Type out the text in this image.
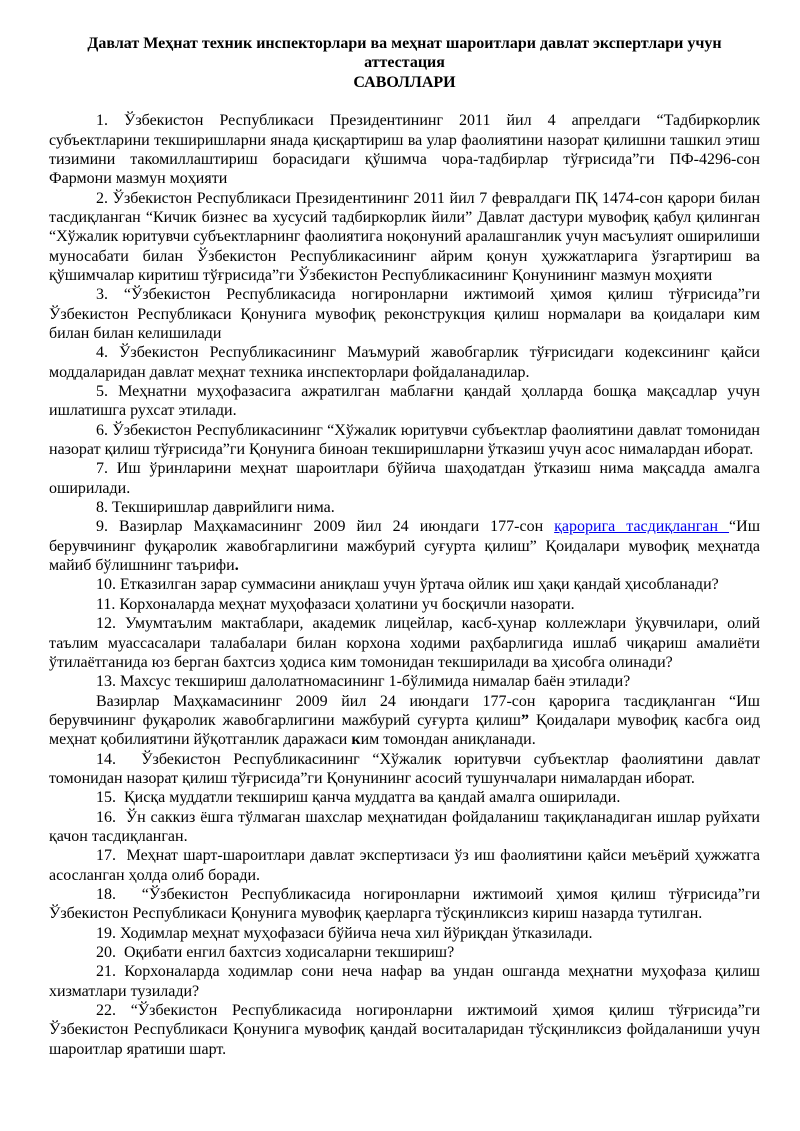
Давлат Меҳнат техник инспекторлари ва меҳнат шароитлари давлат экспертлари учун
аттестация
САВОЛЛАРИ

1. Ўзбекистон Республикаси Президентининг 2011 йил 4 апрелдаги “Тадбиркорлик субъектларини текширишларни янада қисқартириш ва улар фаолиятини назорат қилишни ташкил этиш тизимини такомиллаштириш борасидаги қўшимча чора-тадбирлар тўғрисида”ги ПФ-4296-сон Фармони мазмун моҳияти

2. Ўзбекистон Республикаси Президентининг 2011 йил 7 февралдаги ПҚ 1474-сон қарори билан тасдиқланган “Кичик бизнес ва хусусий тадбиркорлик йили” Давлат дастури мувофиқ қабул қилинган “Хўжалик юритувчи субъектларнинг фаолиятига ноқонуний аралашганлик учун масъулият оширилиши муносабати билан Ўзбекистон Республикасининг айрим қонун ҳужжатларига ўзгартириш ва қўшимчалар киритиш тўғрисида”ги Ўзбекистон Республикасининг Қонунининг мазмун моҳияти

3. “Ўзбекистон Республикасида ногиронларни ижтимоий ҳимоя қилиш тўғрисида”ги Ўзбекистон Республикаси Қонунига мувофиқ реконструкция қилиш нормалари ва қоидалари ким билан билан келишилади

4. Ўзбекистон Республикасининг Маъмурий жавобгарлик тўғрисидаги кодексининг қайси моддаларидан давлат меҳнат техника инспекторлари фойдаланадилар.

5. Меҳнатни муҳофазасига ажратилган маблағни қандай ҳолларда бошқа мақсадлар учун ишлатишга рухсат этилади.

6. Ўзбекистон Республикасининг “Хўжалик юритувчи субъектлар фаолиятини давлат томонидан назорат қилиш тўғрисида”ги Қонунига биноан текширишларни ўтказиш учун асос нималардан иборат.

7. Иш ўринларини меҳнат шароитлари бўйича шаҳодатдан ўтказиш нима мақсадда амалга оширилади.

8. Текширишлар даврийлиги нима.

9. Вазирлар Маҳкамасининг 2009 йил 24 июндаги 177-сон қарорига тасдиқланган “Иш берувчининг фуқаролик жавобгарлигини мажбурий суғурта қилиш” Қоидалари мувофиқ меҳнатда майиб бўлишнинг таърифи.

10. Етказилган зарар суммасини аниқлаш учун ўртача ойлик иш ҳақи қандай ҳисобланади?

11. Корхоналарда меҳнат муҳофазаси ҳолатини уч босқичли назорати.

12. Умумтаълим мактаблари, академик лицейлар, касб-ҳунар коллежлари ўқувчилари, олий таълим муассасалари талабалари билан корхона ходими раҳбарлигида ишлаб чиқариш амалиёти ўтилаётганида юз берган бахтсиз ҳодиса ким томонидан текширилади ва ҳисобга олинади?

13. Махсус текшириш далолатномасининг 1-бўлимида нималар баён этилади?

Вазирлар Маҳкамасининг 2009 йил 24 июндаги 177-сон қарорига тасдиқланган “Иш берувчининг фуқаролик жавобгарлигини мажбурий суғурта қилиш” Қоидалари мувофиқ касбга оид меҳнат қобилиятини йўқотганлик даражаси ким томондан аниқланади.

14.  Ўзбекистон Республикасининг “Хўжалик юритувчи субъектлар фаолиятини давлат томонидан назорат қилиш тўғрисида”ги Қонунининг асосий тушунчалари нималардан иборат.

15.  Қисқа муддатли текшириш қанча муддатга ва қандай амалга оширилади.

16.  Ўн саккиз ёшга тўлмаган шахслар меҳнатидан фойдаланиш тақиқланадиган ишлар руйхати қачон тасдиқланган.

17.  Меҳнат шарт-шароитлари давлат экспертизаси ўз иш фаолиятини қайси меъёрий ҳужжатга асосланган ҳолда олиб боради.

18.  “Ўзбекистон Республикасида ногиронларни ижтимоий ҳимоя қилиш тўғрисида”ги Ўзбекистон Республикаси Қонунига мувофиқ қаерларга тўсқинликсиз кириш назарда тутилган.

19. Ходимлар меҳнат муҳофазаси бўйича неча хил йўриқдан ўтказилади.

20.  Оқибати енгил бахтсиз ходисаларни текшириш?

21. Корхоналарда ходимлар сони неча нафар ва ундан ошганда меҳнатни муҳофаза қилиш хизматлари тузилади?

22. “Ўзбекистон Республикасида ногиронларни ижтимоий ҳимоя қилиш тўғрисида”ги Ўзбекистон Республикаси Қонунига мувофиқ қандай воситаларидан тўсқинликсиз фойдаланиши учун шароитлар яратиши шарт.
